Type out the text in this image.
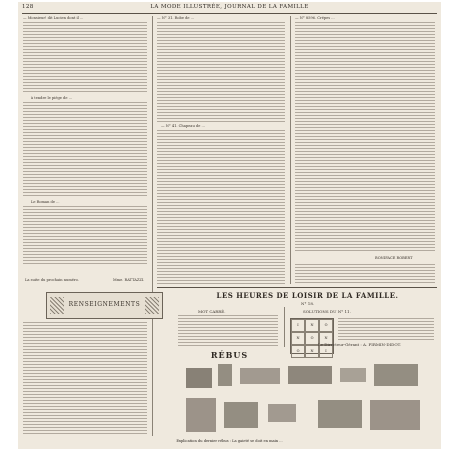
128	LA MODE ILLUSTRÉE, JOURNAL DE LA FAMILLE
— Monsieur! dit Lucien dont il ...
à tendre le piège de ...
Le Roman de ...
La suite du prochain numéro.	Mme. RATTAZZI.
— N° 31. Robe de ...
— N° 41. Chapeau de ...
— N° 8596. Crépes ...
BONIFACE ROBERT
RENSEIGNEMENTS
LES HEURES DE LOISIR DE LA FAMILLE.
N° 18.
MOT CARRÉ.	SOLUTIONS DU N° 11.
I	N	O
N	O	N
O	N	I
Le Directeur-Gérant : A. FIRMIN-DIDOT.
RÉBUS
Explication du dernier rébus : La gaieté se doit en main ...
